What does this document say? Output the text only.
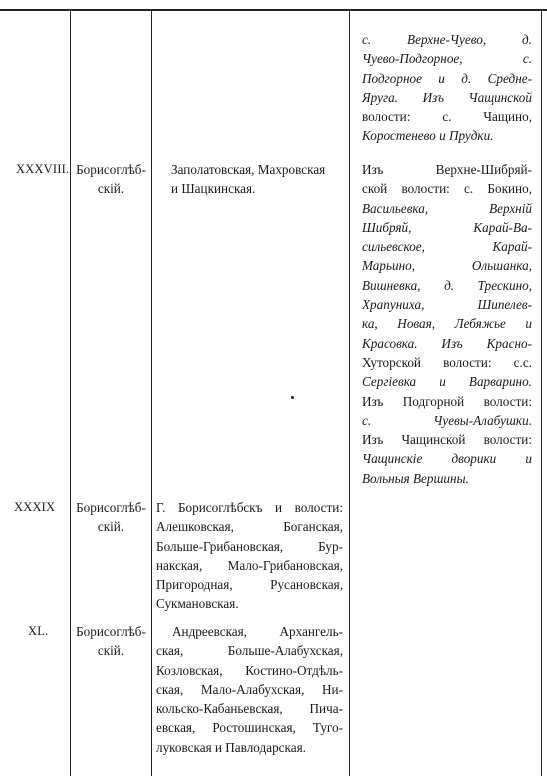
с. Верхне-Чуево, д.
Чуево-Подгорное, с.
Подгорное и д. Средне-
Яруга. Изъ Чащинской
волости: с. Чащино,
Коростенево и Прудки.
XXXVIII. Борисоглѣб-
скій.
Заполатовская, Махровская
и Шацкинская.
Изъ Верхне-Шибряй-
ской волости: с. Бокино,
Васильевка, Верхній
Шибряй, Карай-Ва-
сильевское, Карай-
Марьино, Ольшанка,
Вишневка, д. Трескино,
Храпуниха, Шипелев-
ка, Новая, Лебяжье и
Красовка. Изъ Красно-
Хуторской волости: с.с.
Сергіевка и Варварино.
Изъ Подгорной волости:
с. Чуевы-Алабушки.
Изъ Чащинской волости:
Чащинскіе дворики и
Вольныя Вершины.
XXXIX Борисоглѣб-
скій.
Г. Борисоглѣбскъ и волости:
Алешковская, Боганская,
Больше-Грибановская, Бур-
накская, Мало-Грибановская,
Пригородная, Русановская,
Сукмановская.
XL. Борисоглѣб-
скій.
Андреевская, Архангель-
ская, Больше-Алабухская,
Козловская, Костино-Отдѣль-
ская, Мало-Алабухская, Ни-
кольско-Кабаньевская, Пича-
евская, Ростошинская, Туго-
луковская и Павлодарская.
